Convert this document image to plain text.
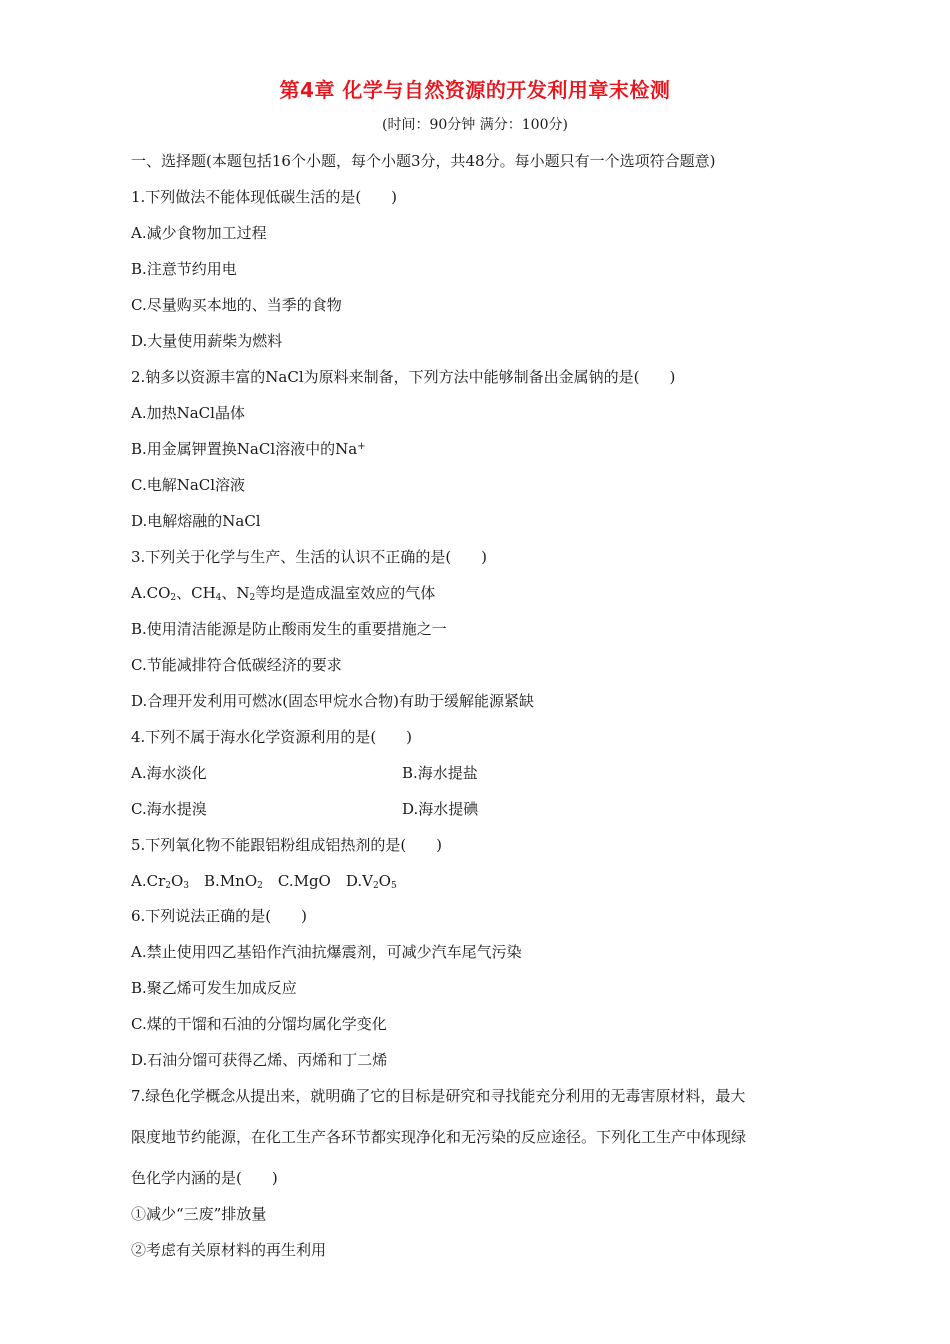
第4章 化学与自然资源的开发利用章末检测
(时间：90分钟 满分：100分)
一、选择题(本题包括16个小题，每个小题3分，共48分。每小题只有一个选项符合题意)
1.下列做法不能体现低碳生活的是(　　)
A.减少食物加工过程
B.注意节约用电
C.尽量购买本地的、当季的食物
D.大量使用薪柴为燃料
2.钠多以资源丰富的NaCl为原料来制备，下列方法中能够制备出金属钠的是(　　)
A.加热NaCl晶体
B.用金属钾置换NaCl溶液中的Na+
C.电解NaCl溶液
D.电解熔融的NaCl
3.下列关于化学与生产、生活的认识不正确的是(　　)
$A.CO_2$、$CH_4$、$N_2$等均是造成温室效应的气体
B.使用清洁能源是防止酸雨发生的重要措施之一
C.节能减排符合低碳经济的要求
D.合理开发利用可燃冰(固态甲烷水合物)有助于缓解能源紧缺
4.下列不属于海水化学资源利用的是(　　)
A.海水淡化	B.海水提盐
C.海水提溴	D.海水提碘
5.下列氧化物不能跟铝粉组成铝热剂的是(　　)
$A.Cr_2O_3$　B.MnO$_2$　C.MgO　$D.V_2O_5$
6.下列说法正确的是(　　)
A.禁止使用四乙基铅作汽油抗爆震剂，可减少汽车尾气污染
B.聚乙烯可发生加成反应
C.煤的干馏和石油的分馏均属化学变化
D.石油分馏可获得乙烯、丙烯和丁二烯
7.绿色化学概念从提出来，就明确了它的目标是研究和寻找能充分利用的无毒害原材料，最大
限度地节约能源，在化工生产各环节都实现净化和无污染的反应途径。下列化工生产中体现绿
色化学内涵的是(　　)
①减少“三废”排放量
②考虑有关原材料的再生利用
